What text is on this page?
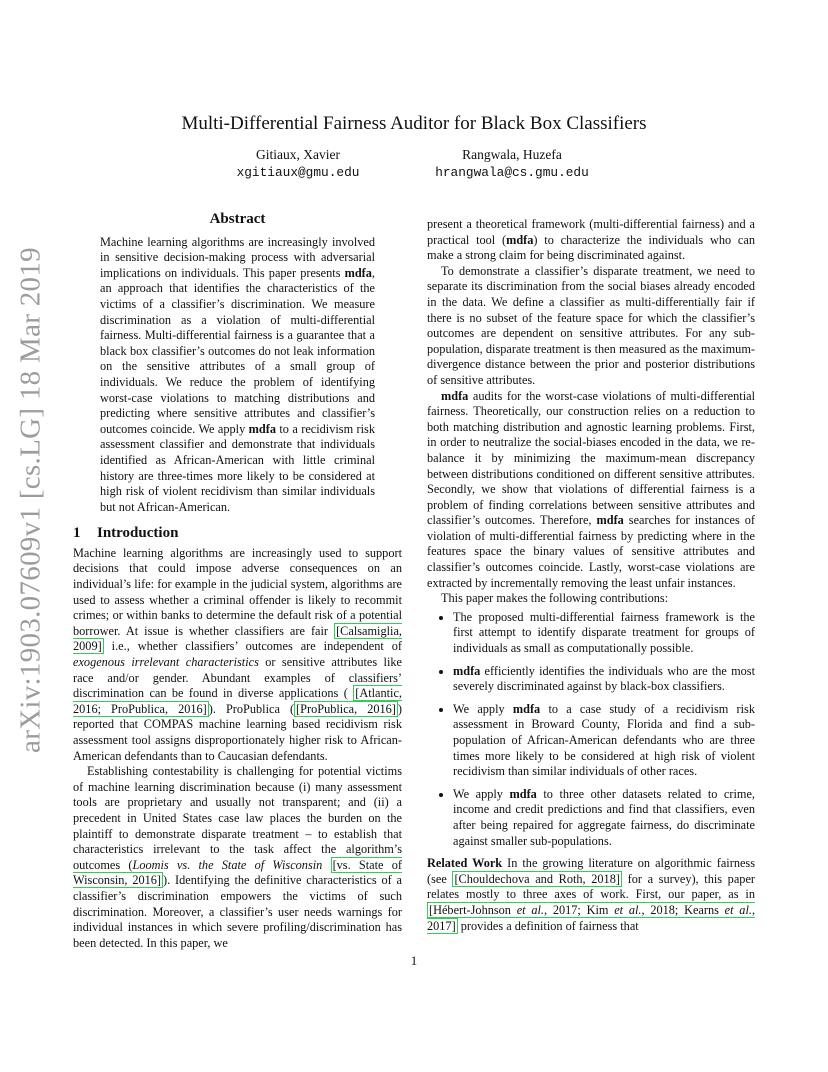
arXiv:1903.07609v1 [cs.LG] 18 Mar 2019
Multi-Differential Fairness Auditor for Black Box Classifiers
Gitiaux, Xavier
xgitiaux@gmu.edu
Rangwala, Huzefa
hrangwala@cs.gmu.edu
Abstract

Machine learning algorithms are increasingly involved in sensitive decision-making process with adversarial implications on individuals. This paper presents mdfa, an approach that identifies the characteristics of the victims of a classifier’s discrimination. We measure discrimination as a violation of multi-differential fairness. Multi-differential fairness is a guarantee that a black box classifier’s outcomes do not leak information on the sensitive attributes of a small group of individuals. We reduce the problem of identifying worst-case violations to matching distributions and predicting where sensitive attributes and classifier’s outcomes coincide. We apply mdfa to a recidivism risk assessment classifier and demonstrate that individuals identified as African-American with little criminal history are three-times more likely to be considered at high risk of violent recidivism than similar individuals but not African-American.

1 Introduction

Machine learning algorithms are increasingly used to support decisions that could impose adverse consequences on an individual’s life: for example in the judicial system, algorithms are used to assess whether a criminal offender is likely to recommit crimes; or within banks to determine the default risk of a potential borrower. At issue is whether classifiers are fair [Calsamiglia, 2009] i.e., whether classifiers’ outcomes are independent of exogenous irrelevant characteristics or sensitive attributes like race and/or gender. Abundant examples of classifiers’ discrimination can be found in diverse applications ( [Atlantic, 2016; ProPublica, 2016] ). ProPublica ( [ProPublica, 2016] ) reported that COMPAS machine learning based recidivism risk assessment tool assigns disproportionately higher risk to African-American defendants than to Caucasian defendants.

Establishing contestability is challenging for potential victims of machine learning discrimination because (i) many assessment tools are proprietary and usually not transparent; and (ii) a precedent in United States case law places the burden on the plaintiff to demonstrate disparate treatment – to establish that characteristics irrelevant to the task affect the algorithm’s outcomes (Loomis vs. the State of Wisconsin [vs. State of Wisconsin, 2016] ). Identifying the definitive characteristics of a classifier’s discrimination empowers the victims of such discrimination. Moreover, a classifier’s user needs warnings for individual instances in which severe profiling/discrimination has been detected. In this paper, we

present a theoretical framework (multi-differential fairness) and a practical tool (mdfa) to characterize the individuals who can make a strong claim for being discriminated against.

To demonstrate a classifier’s disparate treatment, we need to separate its discrimination from the social biases already encoded in the data. We define a classifier as multi-differentially fair if there is no subset of the feature space for which the classifier’s outcomes are dependent on sensitive attributes. For any sub-population, disparate treatment is then measured as the maximum-divergence distance between the prior and posterior distributions of sensitive attributes.

mdfa audits for the worst-case violations of multi-differential fairness. Theoretically, our construction relies on a reduction to both matching distribution and agnostic learning problems. First, in order to neutralize the social-biases encoded in the data, we re-balance it by minimizing the maximum-mean discrepancy between distributions conditioned on different sensitive attributes. Secondly, we show that violations of differential fairness is a problem of finding correlations between sensitive attributes and classifier’s outcomes. Therefore, mdfa searches for instances of violation of multi-differential fairness by predicting where in the features space the binary values of sensitive attributes and classifier’s outcomes coincide. Lastly, worst-case violations are extracted by incrementally removing the least unfair instances.

This paper makes the following contributions:

• The proposed multi-differential fairness framework is the first attempt to identify disparate treatment for groups of individuals as small as computationally possible.
• mdfa efficiently identifies the individuals who are the most severely discriminated against by black-box classifiers.
• We apply mdfa to a case study of a recidivism risk assessment in Broward County, Florida and find a sub-population of African-American defendants who are three times more likely to be considered at high risk of violent recidivism than similar individuals of other races.
• We apply mdfa to three other datasets related to crime, income and credit predictions and find that classifiers, even after being repaired for aggregate fairness, do discriminate against smaller sub-populations.

Related Work In the growing literature on algorithmic fairness (see [Chouldechova and Roth, 2018] for a survey), this paper relates mostly to three axes of work. First, our paper, as in [Hébert-Johnson et al., 2017; Kim et al., 2018; Kearns et al., 2017] provides a definition of fairness that

1
